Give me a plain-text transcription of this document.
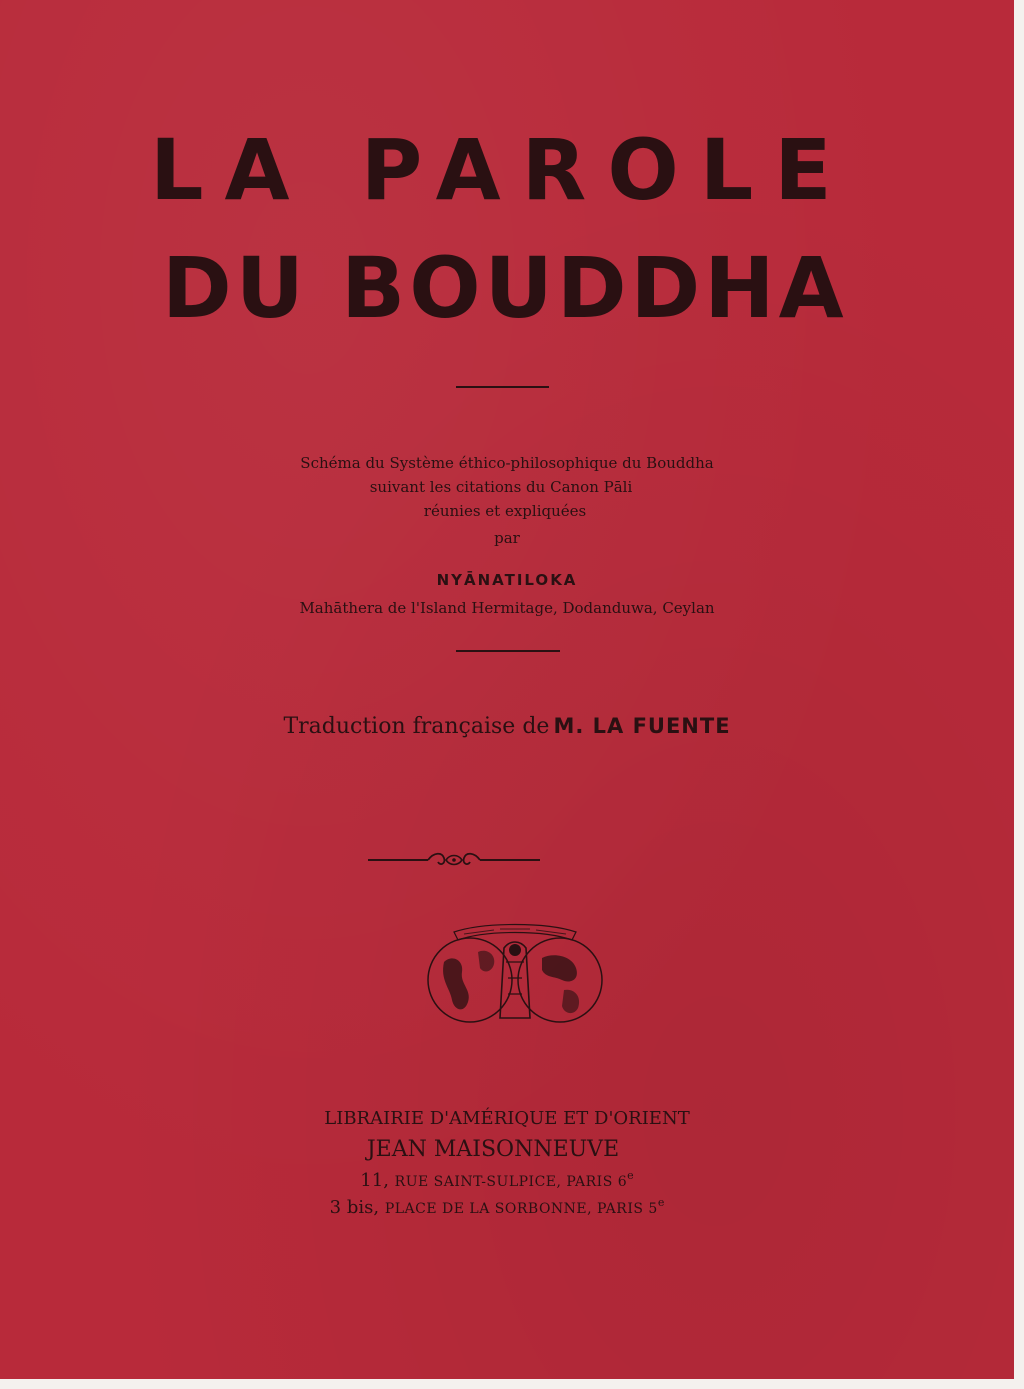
LA PAROLE
DU BOUDDHA
Schéma du Système éthico-philosophique du Bouddha
suivant les citations du Canon Pāli
réunies et expliquées
par
NYĀNATILOKA
Mahāthera de l'Island Hermitage, Dodanduwa, Ceylan
Traduction française de M. LA FUENTE
LIBRAIRIE D'AMÉRIQUE ET D'ORIENT
JEAN MAISONNEUVE
11, RUE SAINT-SULPICE, PARIS 6e
3 bis, PLACE DE LA SORBONNE, PARIS 5e
